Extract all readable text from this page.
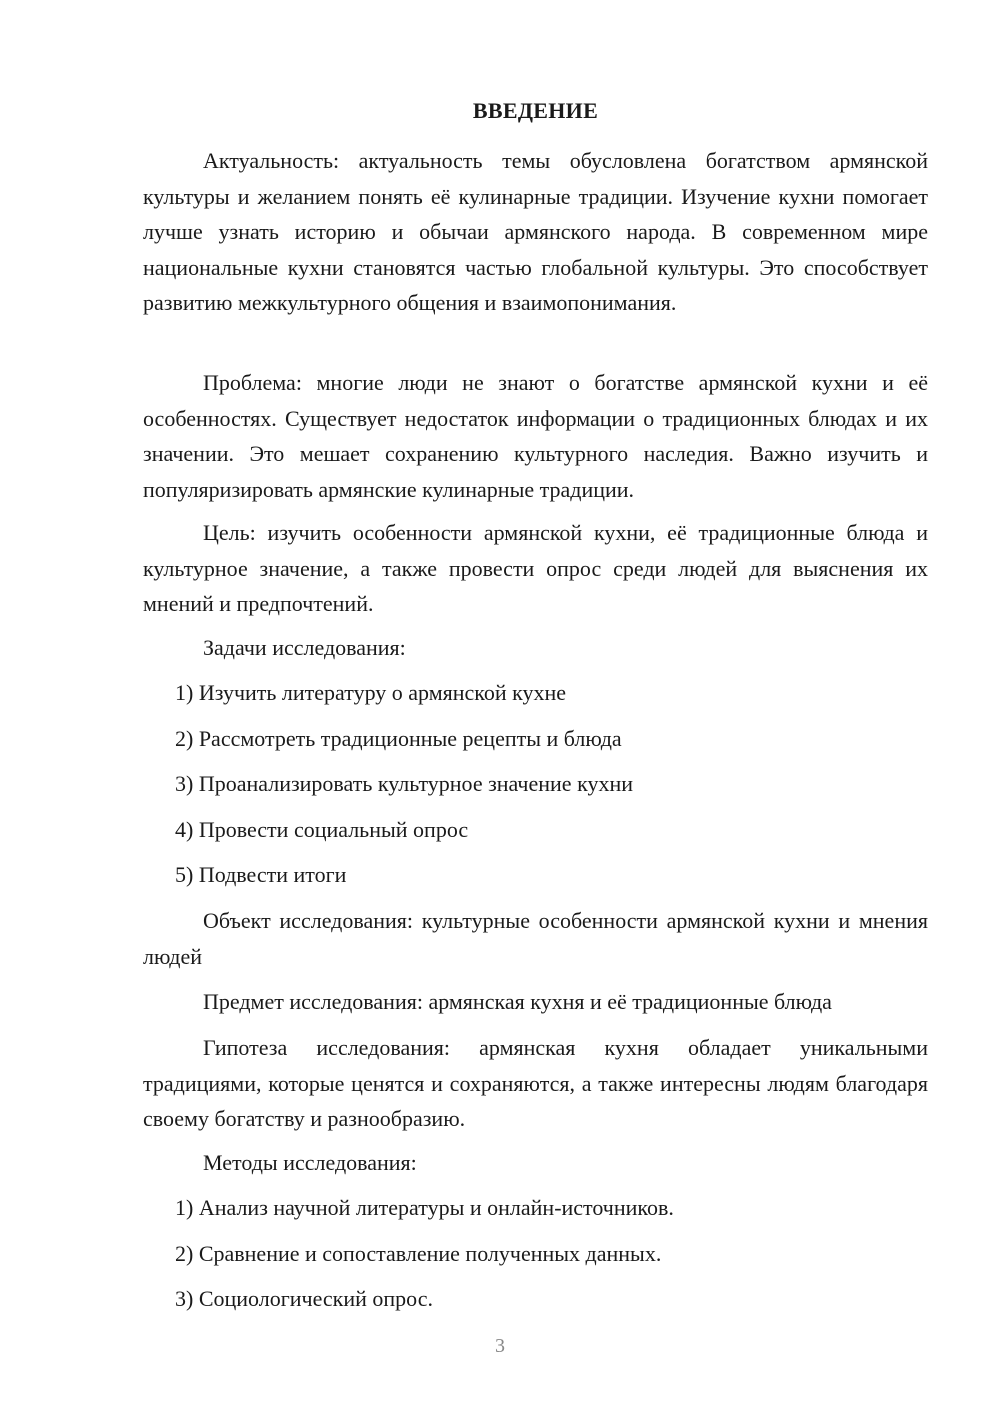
ВВЕДЕНИЕ

Актуальность: актуальность темы обусловлена богатством армянской культуры и желанием понять её кулинарные традиции. Изучение кухни помогает лучше узнать историю и обычаи армянского народа. В современном мире национальные кухни становятся частью глобальной культуры. Это способствует развитию межкультурного общения и взаимопонимания.

Проблема: многие люди не знают о богатстве армянской кухни и её особенностях. Существует недостаток информации о традиционных блюдах и их значении. Это мешает сохранению культурного наследия. Важно изучить и популяризировать армянские кулинарные традиции.

Цель: изучить особенности армянской кухни, её традиционные блюда и культурное значение, а также провести опрос среди людей для выяснения их мнений и предпочтений.

Задачи исследования:

1) Изучить литературу о армянской кухне

2) Рассмотреть традиционные рецепты и блюда

3) Проанализировать культурное значение кухни

4) Провести социальный опрос

5) Подвести итоги

Объект исследования: культурные особенности армянской кухни и мнения людей

Предмет исследования: армянская кухня и её традиционные блюда

Гипотеза исследования: армянская кухня обладает уникальными традициями, которые ценятся и сохраняются, а также интересны людям благодаря своему богатству и разнообразию.

Методы исследования:

1) Анализ научной литературы и онлайн-источников.

2) Сравнение и сопоставление полученных данных.

3) Социологический опрос.

3
